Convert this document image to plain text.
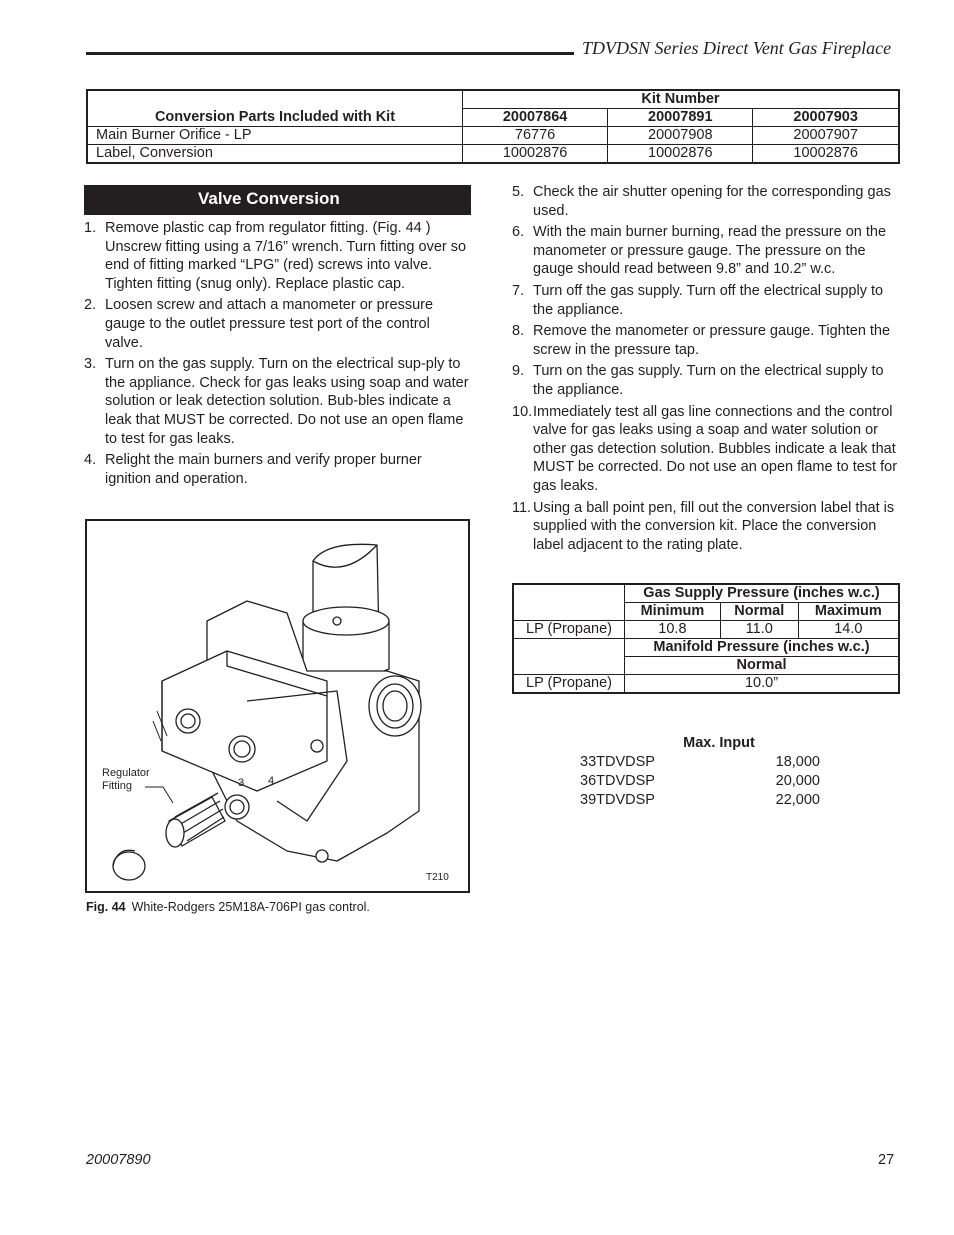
TDVDSN Series Direct Vent Gas Fireplace
	Kit Number		
Conversion Parts Included with Kit	20007864	20007891	20007903
Main Burner Orifice - LP	76776	20007908	20007907
Label, Conversion	10002876	10002876	10002876
Valve Conversion
1. Remove plastic cap from regulator fitting. (Fig. 44 ) Unscrew fitting using a 7/16” wrench. Turn fitting over so end of fitting marked “LPG” (red) screws into valve. Tighten fitting (snug only). Replace plastic cap.
2. Loosen screw and attach a manometer or pressure gauge to the outlet pressure test port of the control valve.
3. Turn on the gas supply. Turn on the electrical sup-ply to the appliance. Check for gas leaks using soap and water solution or leak detection solution. Bub-bles indicate a leak that MUST be corrected. Do not use an open flame to test for gas leaks.
4. Relight the main burners and verify proper burner ignition and operation.
Regulator
Fitting	3 4
T210
Fig. 44 White-Rodgers 25M18A-706PI gas control.
5. Check the air shutter opening for the corresponding gas used.
6. With the main burner burning, read the pressure on the manometer or pressure gauge. The pressure on the gauge should read between 9.8” and 10.2” w.c.
7. Turn off the gas supply. Turn off the electrical supply to the appliance.
8. Remove the manometer or pressure gauge. Tighten the screw in the pressure tap.
9. Turn on the gas supply. Turn on the electrical supply to the appliance.
10. Immediately test all gas line connections and the control valve for gas leaks using a soap and water solution or other gas detection solution. Bubbles indicate a leak that MUST be corrected. Do not use an open flame to test for gas leaks.
11. Using a ball point pen, fill out the conversion label that is supplied with the conversion kit. Place the conversion label adjacent to the rating plate.
	Gas Supply Pressure (inches w.c.)		
	Minimum	Normal	Maximum
LP (Propane)	10.8	11.0	14.0
	Manifold Pressure (inches w.c.)		
	Normal		
LP (Propane)	10.0”		
Max. Input
33TDVDSP	18,000
36TDVDSP	20,000
39TDVDSP	22,000
20007890	27
